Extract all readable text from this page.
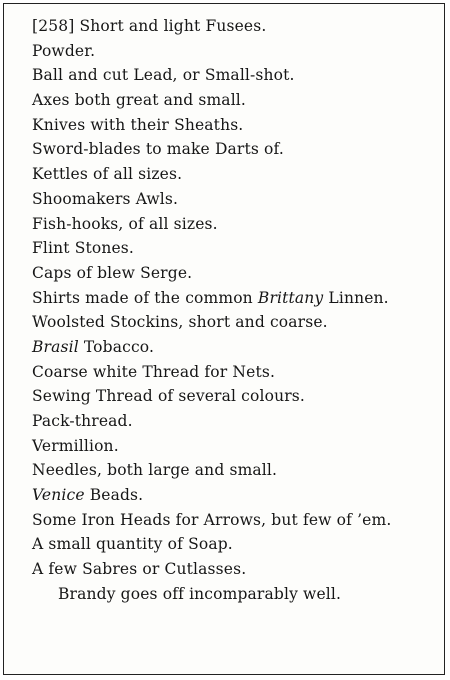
[258] Short and light Fusees.
Powder.
Ball and cut Lead, or Small-shot.
Axes both great and small.
Knives with their Sheaths.
Sword-blades to make Darts of.
Kettles of all sizes.
Shoomakers Awls.
Fish-hooks, of all sizes.
Flint Stones.
Caps of blew Serge.
Shirts made of the common Brittany Linnen.
Woolsted Stockins, short and coarse.
Brasil Tobacco.
Coarse white Thread for Nets.
Sewing Thread of several colours.
Pack-thread.
Vermillion.
Needles, both large and small.
Venice Beads.
Some Iron Heads for Arrows, but few of ’em.
A small quantity of Soap.
A few Sabres or Cutlasses.
Brandy goes off incomparably well.
